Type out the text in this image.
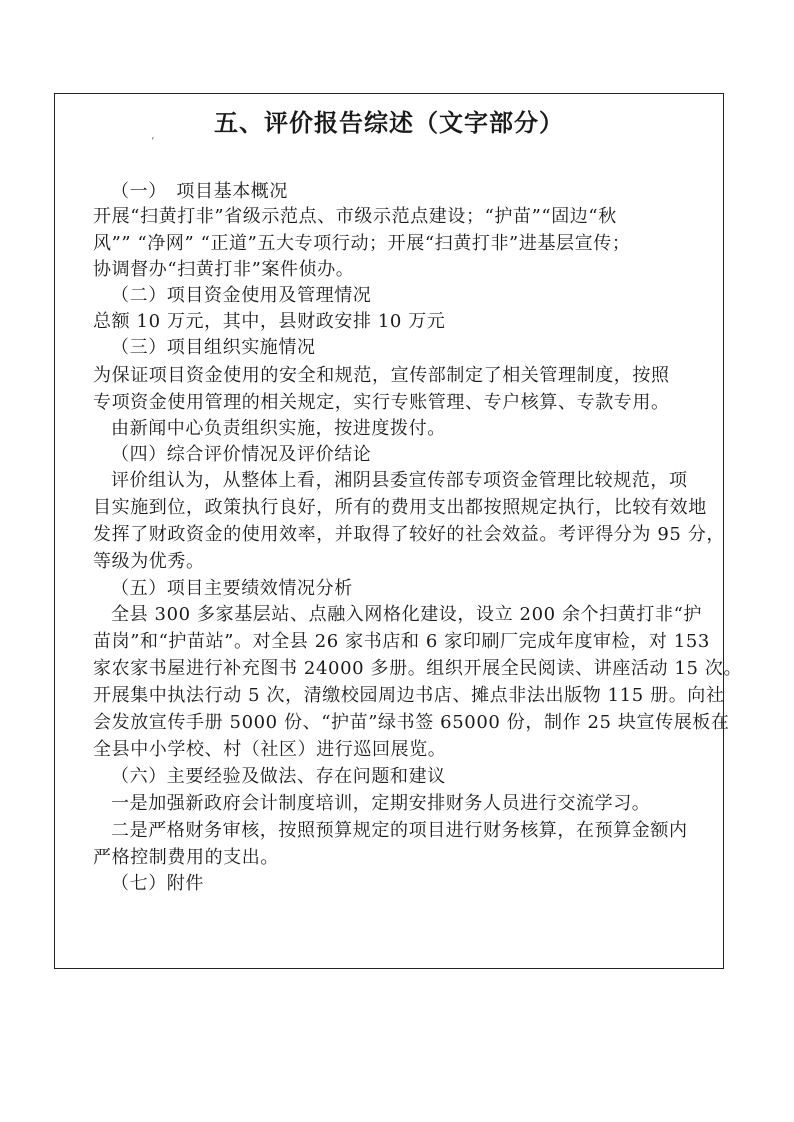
五、评价报告综述（文字部分）
ˊ
（一）　项目基本概况
开展“扫黄打非”省级示范点、市级示范点建设；“护苗”“固边“秋
风”” “净网” “正道”五大专项行动；开展“扫黄打非”进基层宣传；
协调督办“扫黄打非”案件侦办。
（二）项目资金使用及管理情况
总额 10 万元，其中，县财政安排 10 万元
（三）项目组织实施情况
为保证项目资金使用的安全和规范，宣传部制定了相关管理制度，按照
专项资金使用管理的相关规定，实行专账管理、专户核算、专款专用。
由新闻中心负责组织实施，按进度拨付。
（四）综合评价情况及评价结论
评价组认为，从整体上看，湘阴县委宣传部专项资金管理比较规范，项
目实施到位，政策执行良好，所有的费用支出都按照规定执行，比较有效地
发挥了财政资金的使用效率，并取得了较好的社会效益。考评得分为 95 分，
等级为优秀。
（五）项目主要绩效情况分析
全县 300 多家基层站、点融入网格化建设，设立 200 余个扫黄打非“护
苗岗”和“护苗站”。对全县 26 家书店和 6 家印刷厂完成年度审检，对 153
家农家书屋进行补充图书 24000 多册。组织开展全民阅读、讲座活动 15 次。
开展集中执法行动 5 次，清缴校园周边书店、摊点非法出版物 115 册。向社
会发放宣传手册 5000 份、“护苗”绿书签 65000 份，制作 25 块宣传展板在
全县中小学校、村（社区）进行巡回展览。
（六）主要经验及做法、存在问题和建议
一是加强新政府会计制度培训，定期安排财务人员进行交流学习。
二是严格财务审核，按照预算规定的项目进行财务核算，在预算金额内
严格控制费用的支出。
（七）附件
